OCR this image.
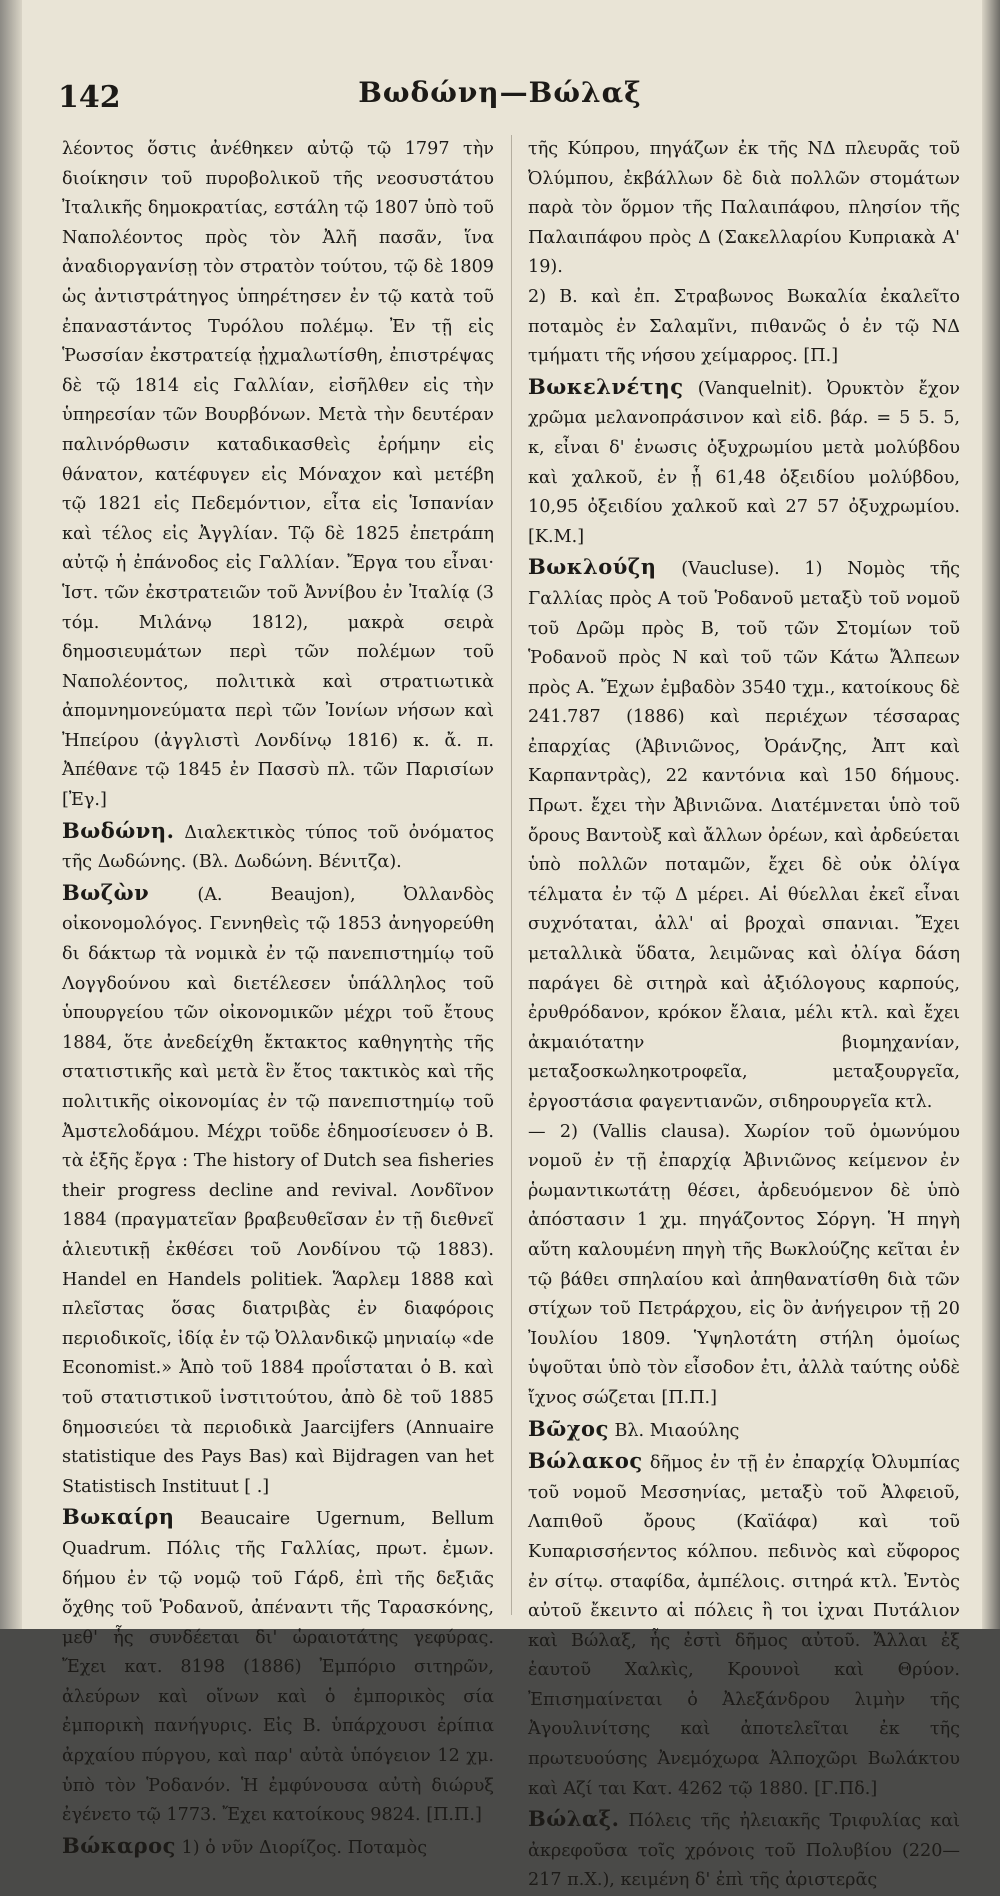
142	Βωδώνη—Βώλαξ

λέοντος ὅστις ἀνέθηκεν αὐτῷ τῷ 1797 τὴν διοίκησιν τοῦ πυροβολικοῦ τῆς νεοσυστάτου Ἰταλικῆς δημοκρατίας, εστάλη τῷ 1807 ὑπὸ τοῦ Ναπολέοντος πρὸς τὸν Ἀλῆ πασᾶν, ἵνα ἀναδιοργανίσῃ τὸν στρατὸν τούτου, τῷ δὲ 1809 ὡς ἀντιστράτηγος ὑπηρέτησεν ἐν τῷ κατὰ τοῦ ἐπαναστάντος Τυρόλου πολέμῳ. Ἐν τῇ εἰς Ῥωσσίαν ἐκστρατείᾳ ᾐχμαλωτίσθη, ἐπιστρέψας δὲ τῷ 1814 εἰς Γαλλίαν, εἰσῆλθεν εἰς τὴν ὑπηρεσίαν τῶν Βουρβόνων. Μετὰ τὴν δευτέραν παλινόρθωσιν καταδικασθεὶς ἐρήμην εἰς θάνατον, κατέφυγεν εἰς Μόναχον καὶ μετέβη τῷ 1821 εἰς Πεδεμόντιον, εἶτα εἰς Ἱσπανίαν καὶ τέλος εἰς Ἀγγλίαν. Τῷ δὲ 1825 ἐπετράπη αὐτῷ ἡ ἐπάνοδος εἰς Γαλλίαν. Ἔργα του εἶναι· Ἱστ. τῶν ἐκστρατειῶν τοῦ Ἀννίβου ἐν Ἰταλίᾳ (3 τόμ. Μιλάνῳ 1812), μακρὰ σειρὰ δημοσιευμάτων περὶ τῶν πολέμων τοῦ Ναπολέοντος, πολιτικὰ καὶ στρατιωτικὰ ἀπομνημονεύματα περὶ τῶν Ἰονίων νήσων καὶ Ἠπείρου (ἀγγλιστὶ Λονδίνῳ 1816) κ. ἄ. π. Ἀπέθανε τῷ 1845 ἐν Πασσὺ πλ. τῶν Παρισίων [Ἐγ.]

Βωδώνη. Διαλεκτικὸς τύπος τοῦ ὀνόματος τῆς Δωδώνης. (Βλ. Δωδώνη. Βένιτζα).

Βωζὼν	(Α. Beaujon), Ὀλλανδὸς οἰκονομολόγος. Γεννηθεὶς τῷ 1853 ἀνηγορεύθη δι δάκτωρ τὰ νομικὰ ἐν τῷ πανεπιστημίῳ τοῦ Λογγδούνου καὶ διετέλεσεν ὑπάλληλος τοῦ ὑπουργείου τῶν οἰκονομικῶν μέχρι τοῦ ἔτους 1884, ὅτε ἀνεδείχθη ἔκτακτος καθηγητὴς τῆς στατιστικῆς καὶ μετὰ ἓν ἔτος τακτικὸς καὶ τῆς πολιτικῆς οἰκονομίας ἐν τῷ πανεπιστημίῳ τοῦ Ἀμστελοδάμου. Μέχρι τοῦδε ἐδημοσίευσεν ὁ Β. τὰ ἑξῆς ἔργα : The history of Dutch sea fisheries their progress decline and revival. Λονδῖνον 1884 (πραγματεῖαν βραβευθεῖσαν ἐν τῇ διεθνεῖ ἁλιευτικῇ ἐκθέσει τοῦ Λονδίνου τῷ 1883). Handel en Handels politiek. Ἅαρλεμ 1888 καὶ πλεῖστας ὅσας διατριβὰς ἐν διαφόροις περιοδικοῖς, ἰδίᾳ ἐν τῷ Ὀλλανδικῷ μηνιαίῳ «de Economist.» Ἀπὸ τοῦ 1884 προΐσταται ὁ Β. καὶ τοῦ στατιστικοῦ ἰνστιτούτου, ἀπὸ δὲ τοῦ 1885 δημοσιεύει τὰ περιοδικὰ Jaarcijfers (Annuaire statistique des Pays Bas) καὶ Bijdragen van het Statistisch Instituut [ .]

Βωκαίρη Beaucaire Ugernum, Bellum Quadrum. Πόλις τῆς Γαλλίας, πρωτ. ἐμων. δήμου ἐν τῷ νομῷ τοῦ Γάρδ, ἐπὶ τῆς δεξιᾶς ὄχθης τοῦ Ῥοδανοῦ, ἀπέναντι τῆς Ταρασκόνης, μεθ' ἧς συνδέεται δι' ὡραιοτάτης γεφύρας. Ἔχει κατ. 8198 (1886) Ἐμπόριο σιτηρῶν, ἀλεύρων καὶ οἴνων καὶ ὁ ἐμπορικὸς σία ἐμπορικὴ πανήγυρις. Εἰς Β. ὑπάρχουσι ἐρίπια ἀρχαίου πύργου, καὶ παρ' αὐτὰ ὑπόγειον 12 χμ. ὑπὸ τὸν Ῥοδανόν. Ἡ ἐμφύνουσα αὐτὴ διώρυξ ἐγένετο τῷ 1773. Ἔχει κατοίκους 9824. [Π.Π.]

Βώκαρος 1) ὁ νῦν Διορίζος. Ποταμὸς

τῆς Κύπρου, πηγάζων ἐκ τῆς ΝΔ πλευρᾶς τοῦ Ὀλύμπου, ἐκβάλλων δὲ διὰ πολλῶν στομάτων παρὰ τὸν ὅρμον τῆς Παλαιπάφου, πλησίον τῆς Παλαιπάφου πρὸς Δ (Σακελλαρίου Κυπριακὰ Α' 19).

2) Β. καὶ ἐπ. Στραβωνος Βωκαλία ἐκαλεῖτο ποταμὸς ἐν Σαλαμῖνι, πιθανῶς ὁ ἐν τῷ ΝΔ τμήματι τῆς νήσου χείμαρρος. [Π.]

Βωκελνέτης (Vanquelnit). Ὀρυκτὸν ἔχον χρῶμα μελανοπράσινον καὶ εἰδ. βάρ. = 5 5. 5, κ, εἶναι δ' ἑνωσις ὀξυχρωμίου μετὰ μολύβδου καὶ χαλκοῦ, ἐν ᾗ 61,48 ὀξειδίου μολύβδου, 10,95 ὀξειδίου χαλκοῦ καὶ 27 57 ὀξυχρωμίου. [Κ.Μ.]

Βωκλούζη (Vaucluse). 1) Νομὸς τῆς Γαλλίας πρὸς Α τοῦ Ῥοδανοῦ μεταξὺ τοῦ νομοῦ τοῦ Δρῶμ πρὸς Β, τοῦ τῶν Στομίων τοῦ Ῥοδανοῦ πρὸς Ν καὶ τοῦ τῶν Κάτω Ἄλπεων πρὸς Α. Ἔχων ἐμβαδὸν 3540 τχμ., κατοίκους δὲ 241.787 (1886) καὶ περιέχων τέσσαρας ἐπαρχίας (Ἀβινιῶνος, Ὀράνζης, Ἀπτ καὶ Καρπαντρὰς), 22 καντόνια καὶ 150 δήμους. Πρωτ. ἔχει τὴν Ἀβινιῶνα. Διατέμνεται ὑπὸ τοῦ ὄρους Βαντοὺξ καὶ ἄλλων ὀρέων, καὶ ἀρδεύεται ὑπὸ πολλῶν ποταμῶν, ἔχει δὲ οὐκ ὀλίγα τέλματα ἐν τῷ Δ μέρει. Αἱ θύελλαι ἐκεῖ εἶναι συχνόταται, ἀλλ' αἱ βροχαὶ σπανιαι. Ἔχει μεταλλικὰ ὕδατα, λειμῶνας καὶ ὀλίγα δάση παράγει δὲ σιτηρὰ καὶ ἀξιόλογους καρπούς, ἐρυθρόδανον, κρόκον ἔλαια, μέλι κτλ. καὶ ἔχει ἀκμαιότατην βιομηχανίαν, μεταξοσκωληκοτροφεῖα, μεταξουργεῖα, ἐργοστάσια φαγεντιανῶν, σιδηρουργεῖα κτλ.

— 2) (Vallis clausa). Χωρίον τοῦ ὁμωνύμου νομοῦ ἐν τῇ ἐπαρχίᾳ Ἀβινιῶνος κείμενον ἐν ῥωμαντικωτάτῃ θέσει, ἀρδευόμενον δὲ ὑπὸ ἀπόστασιν 1 χμ. πηγάζοντος Σόργη. Ἡ πηγὴ αὕτη καλουμένη πηγὴ τῆς Βωκλούζης κεῖται ἐν τῷ βάθει σπηλαίου καὶ ἀπηθανατίσθη διὰ τῶν στίχων τοῦ Πετράρχου, εἰς ὃν ἀνήγειρον τῇ 20 Ἰουλίου 1809. Ὑψηλοτάτη στήλη ὁμοίως ὑψοῦται ὑπὸ τὸν εἶσοδον ἐτι, ἀλλὰ ταύτης οὐδὲ ἴχνος σώζεται [Π.Π.]

Βῶχος Βλ. Μιαούλης

Βώλακος δῆμος ἐν τῇ ἐν ἐπαρχίᾳ Ὀλυμπίας τοῦ νομοῦ Μεσσηνίας, μεταξὺ τοῦ Ἀλφειοῦ, Λαπιθοῦ ὄρους (Καϊάφα) καὶ τοῦ Κυπαρισσήεντος κόλπου. πεδινὸς καὶ εὔφορος ἐν σίτῳ. σταφίδα, ἀμπέλοις. σιτηρά κτλ. Ἐντὸς αὐτοῦ ἔκειντο αἱ πόλεις ἢ τοι ἰχναι Πυτάλιον καὶ Βώλαξ, ἧς ἐστὶ δῆμος αὐτοῦ. Ἄλλαι ἐξ ἑαυτοῦ Χαλκὶς, Κρουνοὶ καὶ Θρύον. Ἐπισημαίνεται ὁ Ἀλεξάνδρου λιμὴν τῆς Ἀγουλινίτσης καὶ ἀποτελεῖται ἐκ τῆς πρωτευούσης Ἀνεμόχωρα Ἀλποχῶρι Βωλάκτου καὶ Αζί ται Κατ. 4262 τῷ 1880. [Γ.Πδ.]

Βώλαξ. Πόλεις τῆς ἠλειακῆς Τριφυλίας καὶ ἀκρεφοῦσα τοῖς χρόνοις τοῦ Πολυβίου (220—217 π.Χ.), κειμένη δ' ἐπὶ τῆς ἀριστερᾶς
